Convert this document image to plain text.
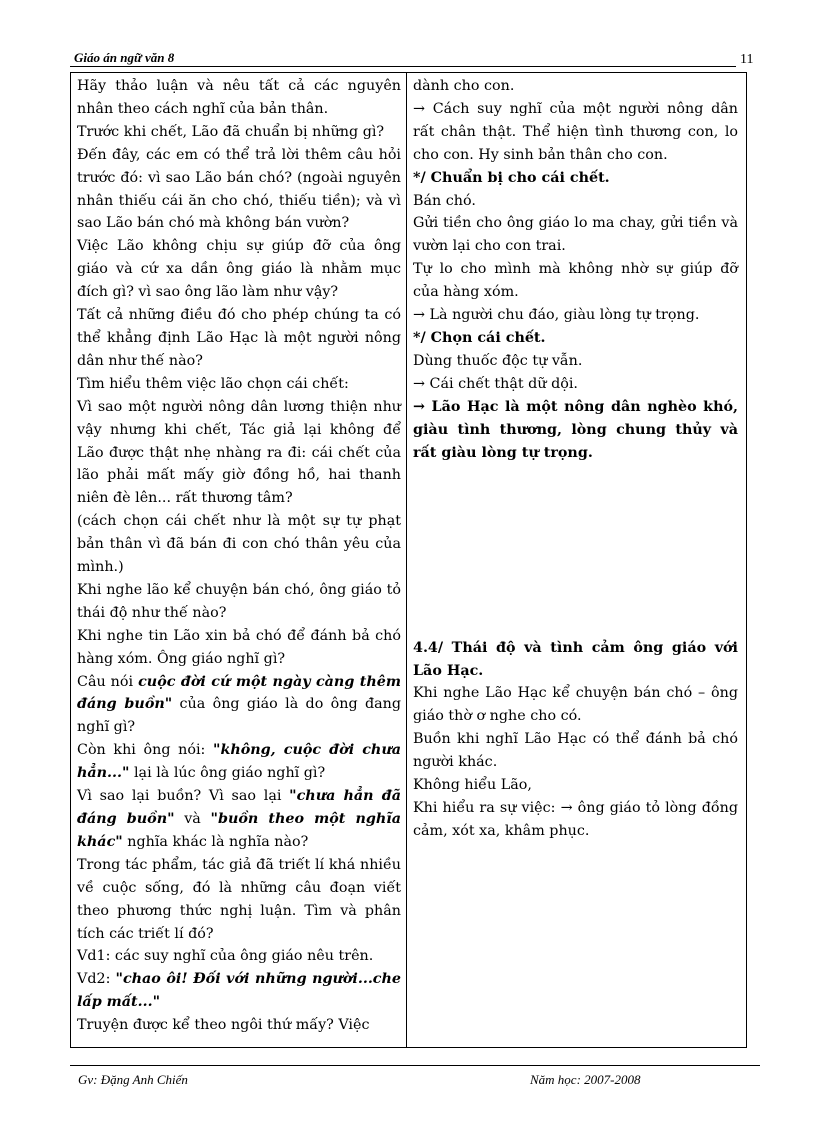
Giáo án ngữ văn 8	11

Hãy thảo luận và nêu tất cả các nguyên nhân theo cách nghĩ của bản thân.

Trước khi chết, Lão đã chuẩn bị những gì?

Đến đây, các em có thể trả lời thêm câu hỏi trước đó: vì sao Lão bán chó? (ngoài nguyên nhân thiếu cái ăn cho chó, thiếu tiền); và vì sao Lão bán chó mà không bán vườn?

Việc Lão không chịu sự giúp đỡ của ông giáo và cứ xa dần ông giáo là nhằm mục đích gì? vì sao ông lão làm như vậy?

Tất cả những điều đó cho phép chúng ta có thể khẳng định Lão Hạc là một người nông dân như thế nào?

Tìm hiểu thêm việc lão chọn cái chết:

Vì sao một người nông dân lương thiện như vậy nhưng khi chết, Tác giả lại không để Lão được thật nhẹ nhàng ra đi: cái chết của lão phải mất mấy giờ đồng hồ, hai thanh niên đè lên... rất thương tâm?

(cách chọn cái chết như là một sự tự phạt bản thân vì đã bán đi con chó thân yêu của mình.)

Khi nghe lão kể chuyện bán chó, ông giáo tỏ thái độ như thế nào?

Khi nghe tin Lão xin bả chó để đánh bả chó hàng xóm. Ông giáo nghĩ gì?

Câu nói cuộc đời cứ một ngày càng thêm đáng buồn" của ông giáo là do ông đang nghĩ gì?

Còn khi ông nói: "không, cuộc đời chưa hẳn..." lại là lúc ông giáo nghĩ gì?

Vì sao lại buồn? Vì sao lại "chưa hẳn đã đáng buồn" và "buồn theo một nghĩa khác" nghĩa khác là nghĩa nào?

Trong tác phẩm, tác giả đã triết lí khá nhiều về cuộc sống, đó là những câu đoạn viết theo phương thức nghị luận. Tìm và phân tích các triết lí đó?

Vd1: các suy nghĩ của ông giáo nêu trên.

Vd2: "chao ôi! Đối với những người...che lấp mất..."

Truyện được kể theo ngôi thứ mấy? Việc

dành cho con.

→ Cách suy nghĩ của một người nông dân rất chân thật. Thể hiện tình thương con, lo cho con. Hy sinh bản thân cho con.

*/ Chuẩn bị cho cái chết.

Bán chó.

Gửi tiền cho ông giáo lo ma chay, gửi tiền và vườn lại cho con trai.

Tự lo cho mình mà không nhờ sự giúp đỡ của hàng xóm.

→ Là người chu đáo, giàu lòng tự trọng.

*/ Chọn cái chết.

Dùng thuốc độc tự vẫn.

→ Cái chết thật dữ dội.

→ Lão Hạc là một nông dân nghèo khó, giàu tình thương, lòng chung thủy và rất giàu lòng tự trọng.

4.4/ Thái độ và tình cảm ông giáo với Lão Hạc.

Khi nghe Lão Hạc kể chuyện bán chó – ông giáo thờ ơ nghe cho có.

Buồn khi nghĩ Lão Hạc có thể đánh bả chó người khác.

Không hiểu Lão,

Khi hiểu ra sự việc: → ông giáo tỏ lòng đồng cảm, xót xa, khâm phục.

Gv: Đặng Anh Chiến	Năm học: 2007-2008
